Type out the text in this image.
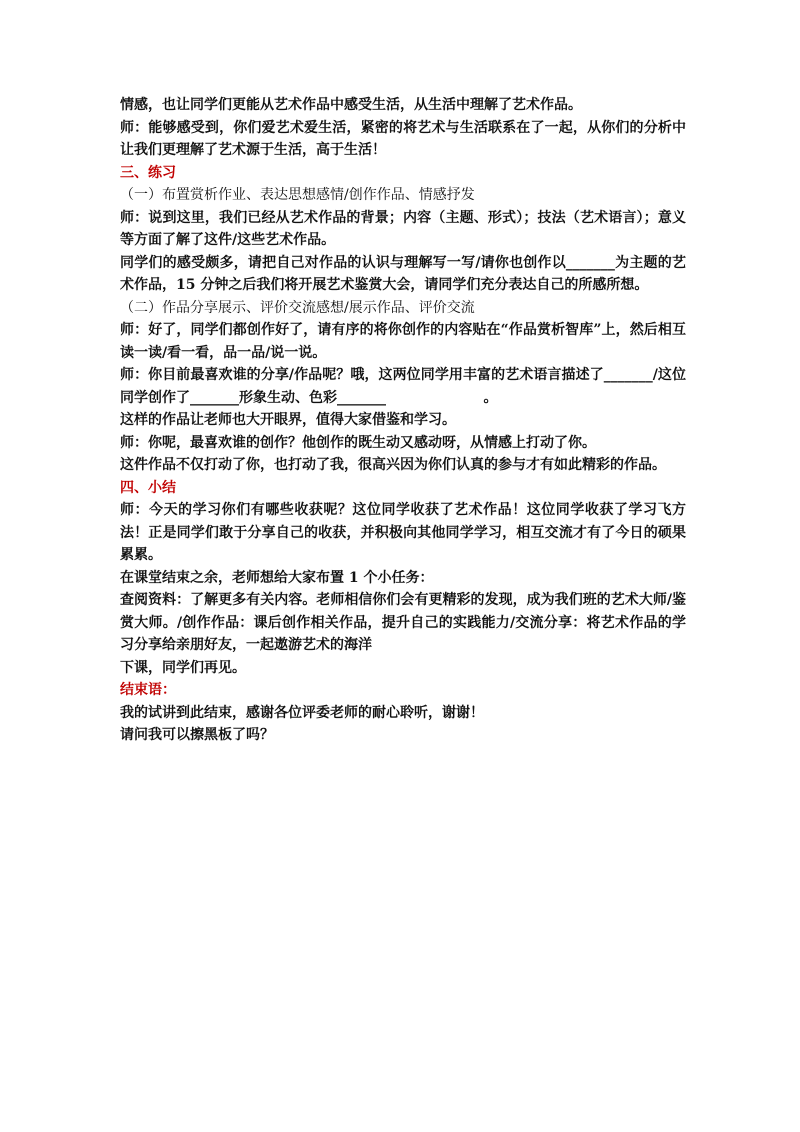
情感，也让同学们更能从艺术作品中感受生活，从生活中理解了艺术作品。

师：能够感受到，你们爱艺术爱生活，紧密的将艺术与生活联系在了一起，从你们的分析中让我们更理解了艺术源于生活，高于生活！

三、练习

（一）布置赏析作业、表达思想感情/创作作品、情感抒发

师：说到这里，我们已经从艺术作品的背景；内容（主题、形式）；技法（艺术语言）；意义等方面了解了这件/这些艺术作品。

同学们的感受颇多，请把自己对作品的认识与理解写一写/请你也创作以_______为主题的艺术作品，15 分钟之后我们将开展艺术鉴赏大会，请同学们充分表达自己的所感所想。

（二）作品分享展示、评价交流感想/展示作品、评价交流

师：好了，同学们都创作好了，请有序的将你创作的内容贴在“作品赏析智库”上，然后相互读一读/看一看，品一品/说一说。

师：你目前最喜欢谁的分享/作品呢？哦，这两位同学用丰富的艺术语言描述了_______/这位同学创作了_______形象生动、色彩_______                    。

这样的作品让老师也大开眼界，值得大家借鉴和学习。

师：你呢，最喜欢谁的创作？他创作的既生动又感动呀，从情感上打动了你。

这件作品不仅打动了你，也打动了我，很高兴因为你们认真的参与才有如此精彩的作品。

四、小结

师：今天的学习你们有哪些收获呢？这位同学收获了艺术作品！这位同学收获了学习飞方法！正是同学们敢于分享自己的收获，并积极向其他同学学习，相互交流才有了今日的硕果累累。

在课堂结束之余，老师想给大家布置 1 个小任务：

查阅资料：了解更多有关内容。老师相信你们会有更精彩的发现，成为我们班的艺术大师/鉴赏大师。/创作作品：课后创作相关作品，提升自己的实践能力/交流分享：将艺术作品的学习分享给亲朋好友，一起遨游艺术的海洋

下课，同学们再见。

结束语：

我的试讲到此结束，感谢各位评委老师的耐心聆听，谢谢！

请问我可以擦黑板了吗？
